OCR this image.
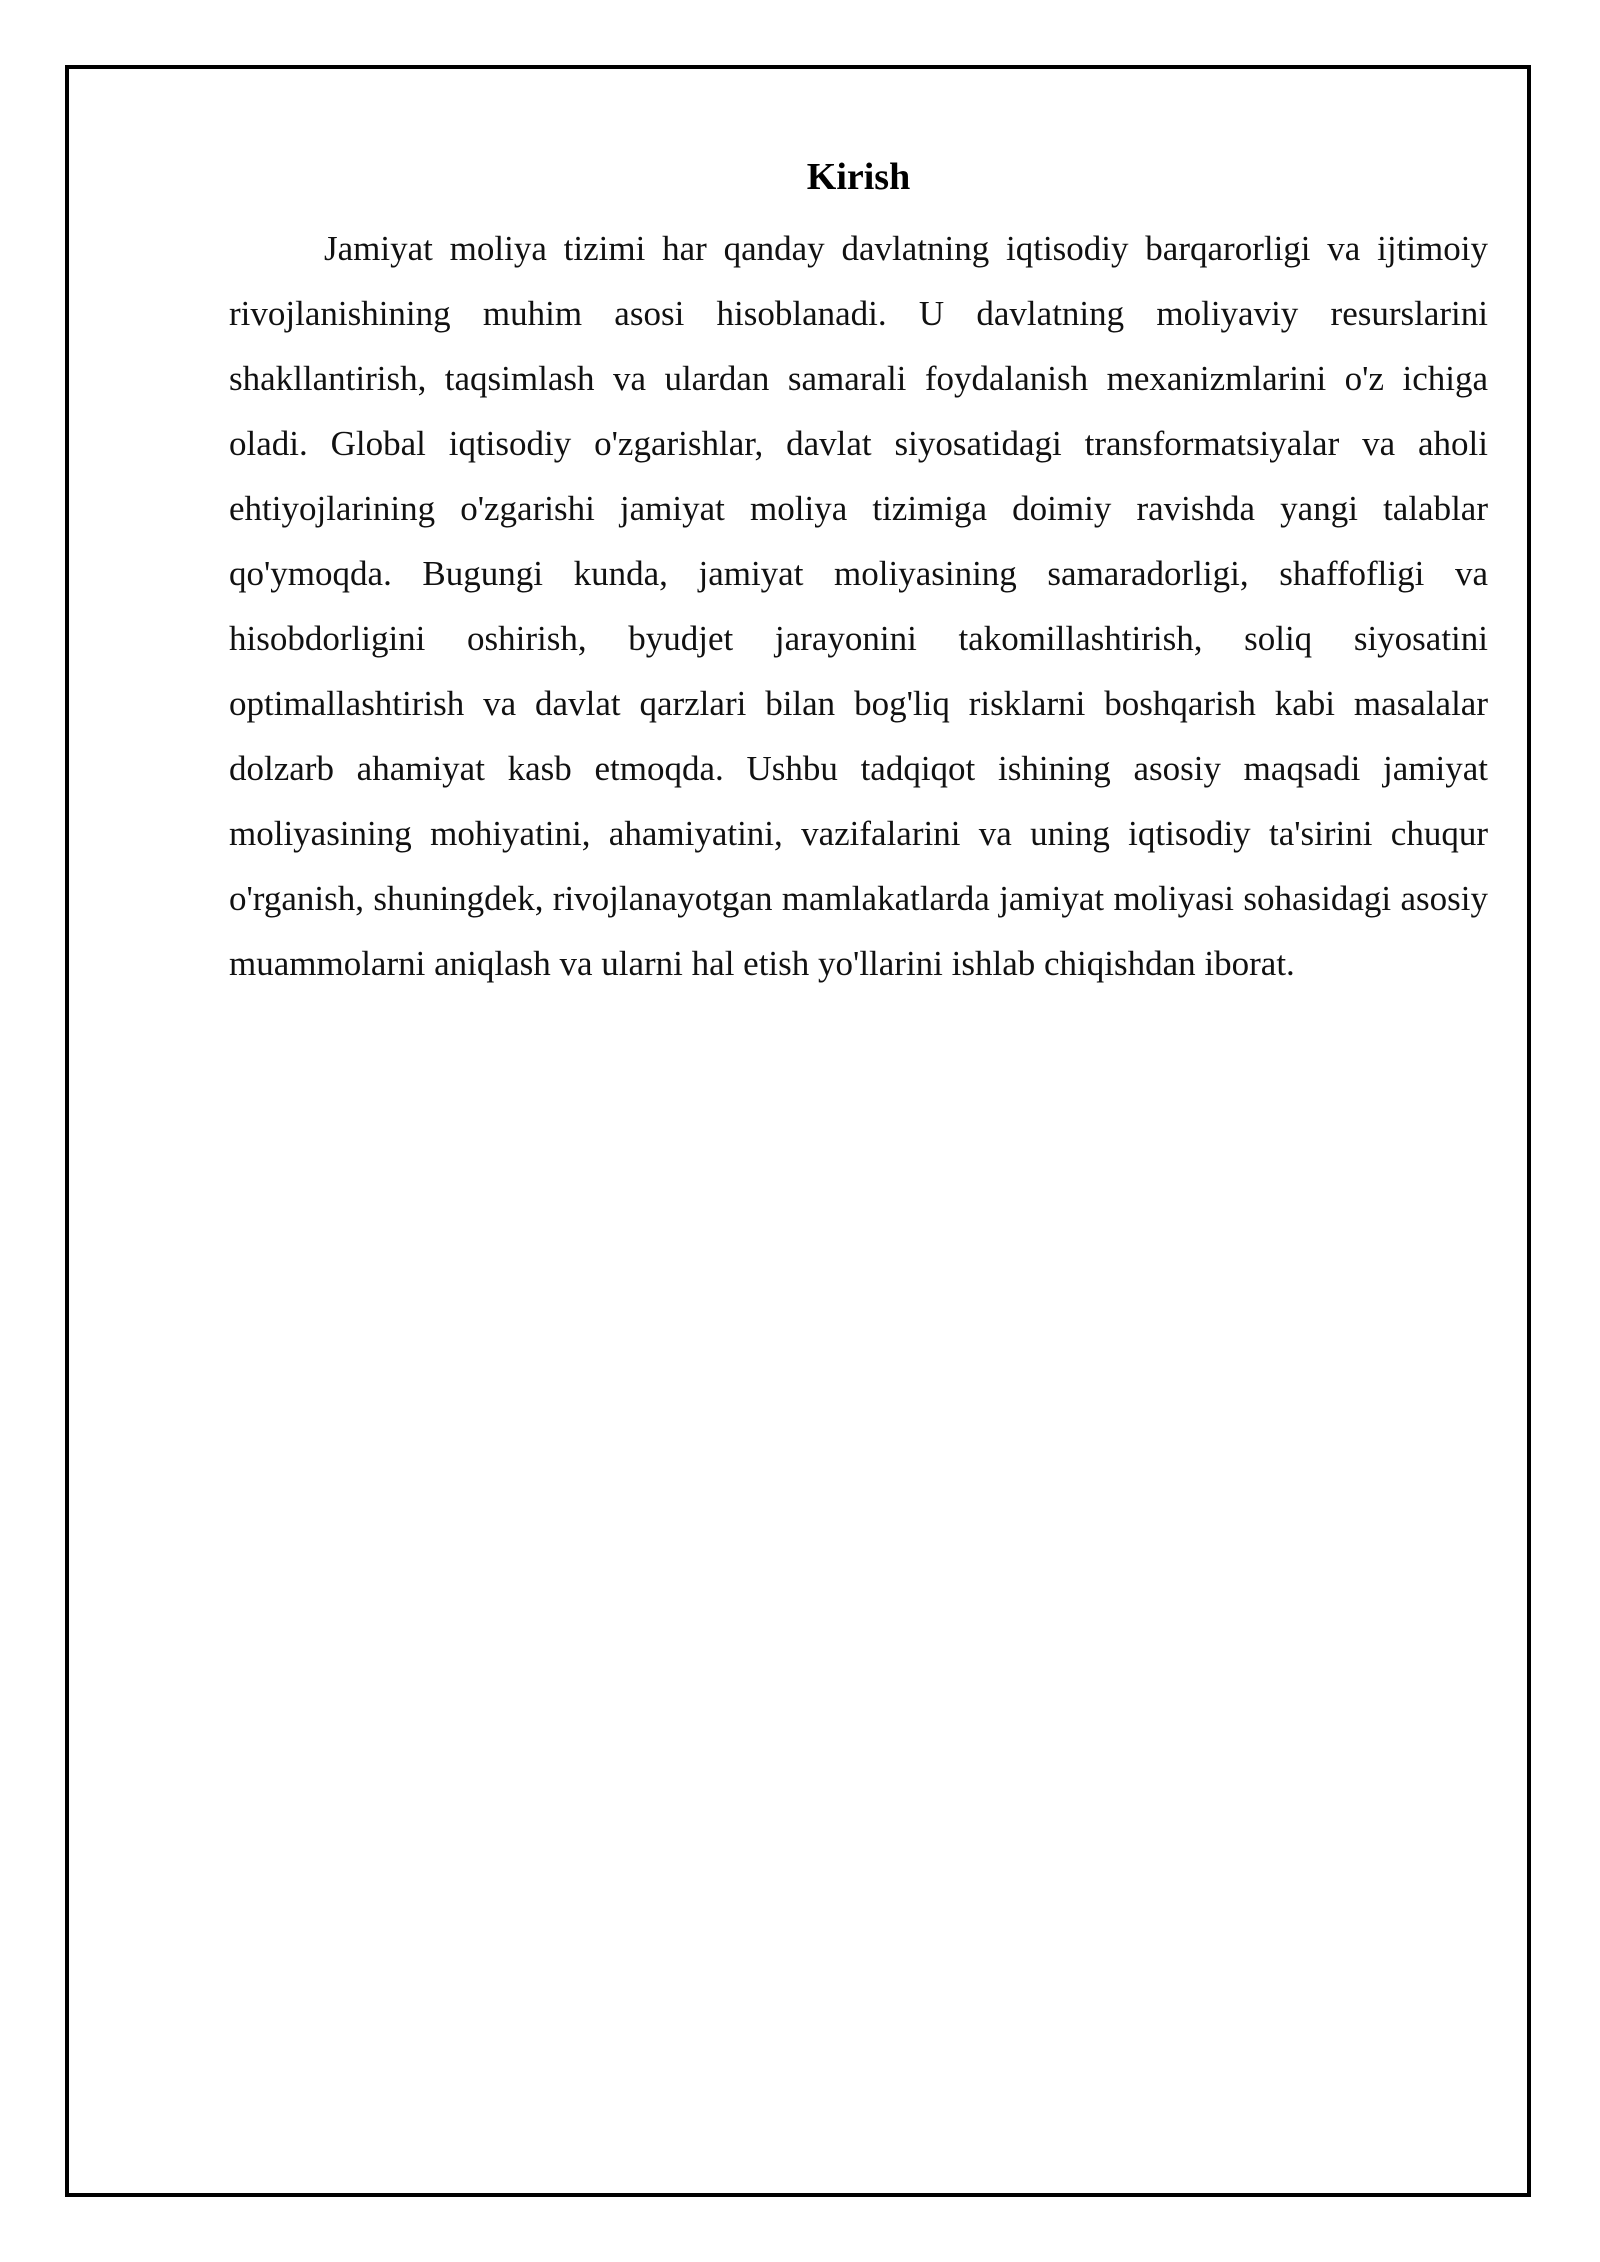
Kirish

Jamiyat moliya tizimi har qanday davlatning iqtisodiy barqarorligi va ijtimoiy rivojlanishining muhim asosi hisoblanadi. U davlatning moliyaviy resurslarini shakllantirish, taqsimlash va ulardan samarali foydalanish mexanizmlarini o'z ichiga oladi. Global iqtisodiy o'zgarishlar, davlat siyosatidagi transformatsiyalar va aholi ehtiyojlarining o'zgarishi jamiyat moliya tizimiga doimiy ravishda yangi talablar qo'ymoqda. Bugungi kunda, jamiyat moliyasining samaradorligi, shaffofligi va hisobdorligini oshirish, byudjet jarayonini takomillashtirish, soliq siyosatini optimallashtirish va davlat qarzlari bilan bog'liq risklarni boshqarish kabi masalalar dolzarb ahamiyat kasb etmoqda. Ushbu tadqiqot ishining asosiy maqsadi jamiyat moliyasining mohiyatini, ahamiyatini, vazifalarini va uning iqtisodiy ta'sirini chuqur o'rganish, shuningdek, rivojlanayotgan mamlakatlarda jamiyat moliyasi sohasidagi asosiy muammolarni aniqlash va ularni hal etish yo'llarini ishlab chiqishdan iborat.
